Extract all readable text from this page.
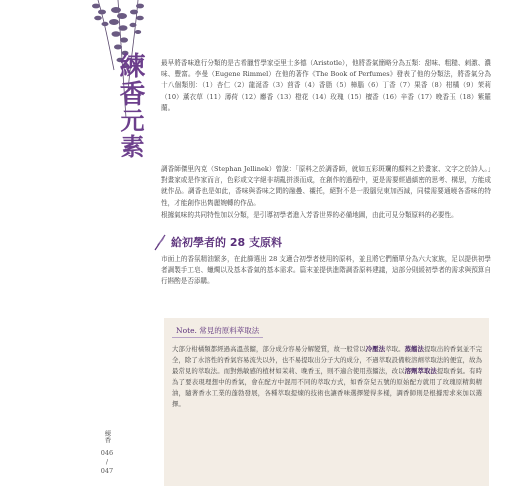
練香元素

最早將香味進行分類的是古希臘哲學家亞里士多德（Aristotle），他將香氣簡略分為五類：甜味、粗糙、刺激、濃味、豐富。李曼（Eugene Rimmel）在他的著作《The Book of Perfumes》發表了他的分類法，將香氣分為十八個類別：（1）杏仁（2）龍涎香（3）茴香（4）香脂（5）樟腦（6）丁香（7）果香（8）柑橘（9）茉莉（10）薰衣草（11）薄荷（12）麝香（13）橙花（14）玫瑰（15）檀香（16）辛香（17）晚香玉（18）紫羅蘭。

調香師傑里內克（Stephan Jellinek）曾說：「原料之於調香師，就如五彩斑斕的顏料之於畫家、文字之於詩人。」對畫家或是作家而言，色彩或文字絕非胡亂拼湊而成，在創作的過程中，更是需要經過縝密的思考、構思，方能成就作品。調香也是如此，香味與香味之間的融疊、襯托，絕對不是一股腦兒東加西減，同樣需要通曉各香味的特性，才能創作出雋麗婉轉的作品。

根據氣味的共同特性加以分類，是引導初學者進入芳香世界的必備地圖，由此可見分類原料的必要性。

給初學者的 28 支原料

市面上的香氛精油繁多，在此篩選出 28 支適合初學者使用的原料，並且將它們簡單分為六大家族，足以提供初學者調製手工皂、蠟燭以及基本香氣的基本需求。篇末並提供進階調香原料建議，這部分則緩初學者的需求與預算自行斟酌是否添購。

Note. 常見的原料萃取法
大部分柑橘類都經過高溫蒸餾，部分成分容易分解變質，故一般常以冷壓法萃取。蒸餾法提取出的香氣並不完全，除了水溶性的香氣容易流失以外，也不易提取出分子大的成分，不過萃取設備較溶劑萃取法的便宜，故為最常見的萃取法。而對熱敏感的植材如茉莉、晚香玉，則不適合使用蒸餾法，改以溶劑萃取法提取香氣。有時為了要表現理想中的香氣，會在配方中混用不同的萃取方式，如香奈兒五號的原始配方就用了玫瑰原精與精油，隨著香水工業的蓬勃發展，各種萃取提煉的技術也讓香味選擇變得多樣，調香師則是根據需求來加以選擇。
練香
046
/
047
